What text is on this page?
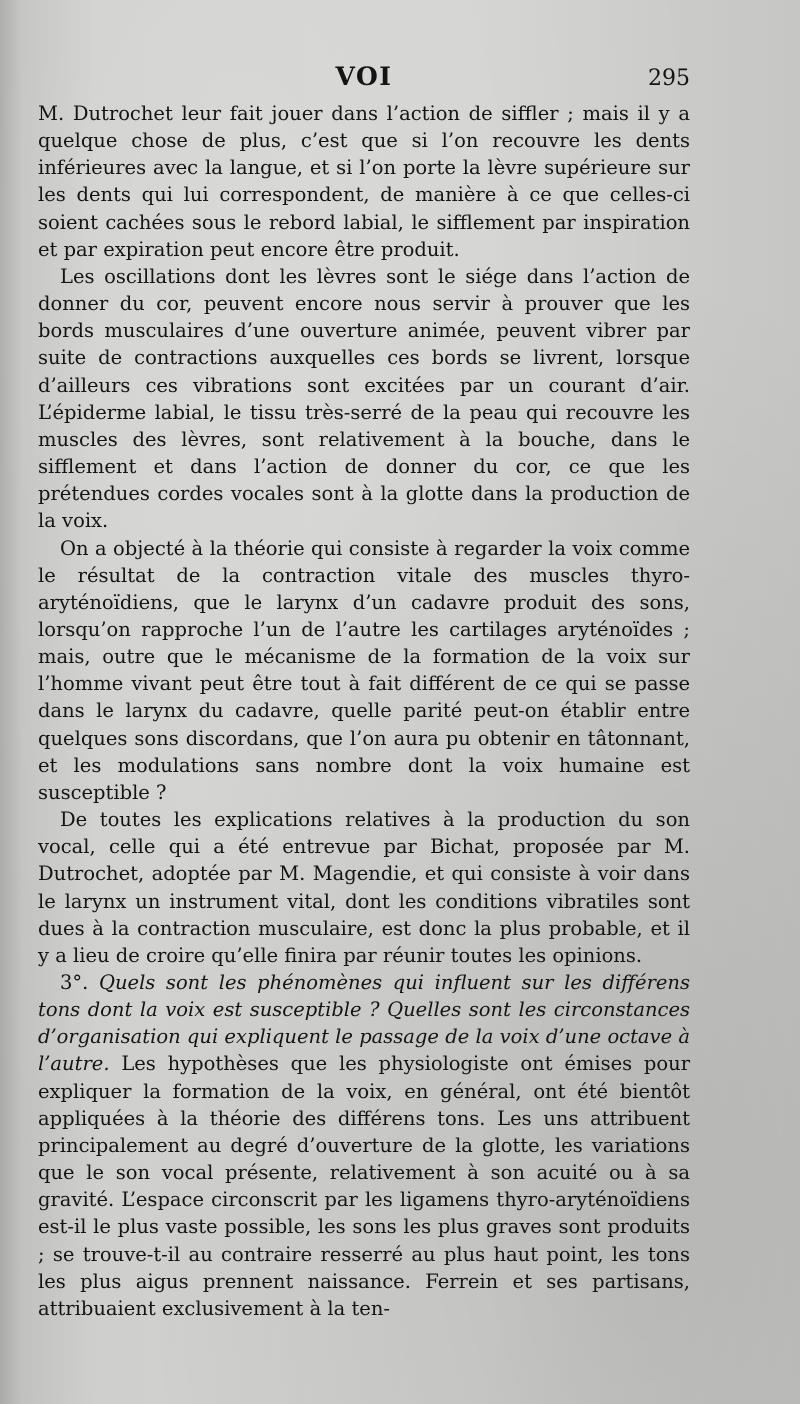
VOI	295

M. Dutrochet leur fait jouer dans l’action de siffler ; mais il y a quelque chose de plus, c’est que si l’on recouvre les dents inférieures avec la langue, et si l’on porte la lèvre supérieure sur les dents qui lui correspondent, de manière à ce que celles-ci soient cachées sous le rebord labial, le sifflement par inspiration et par expiration peut encore être produit.

Les oscillations dont les lèvres sont le siége dans l’action de donner du cor, peuvent encore nous servir à prouver que les bords musculaires d’une ouverture animée, peuvent vibrer par suite de contractions auxquelles ces bords se livrent, lorsque d’ailleurs ces vibrations sont excitées par un courant d’air. L’épiderme labial, le tissu très-serré de la peau qui recouvre les muscles des lèvres, sont relativement à la bouche, dans le sifflement et dans l’action de donner du cor, ce que les prétendues cordes vocales sont à la glotte dans la production de la voix.

On a objecté à la théorie qui consiste à regarder la voix comme le résultat de la contraction vitale des muscles thyro-aryténoïdiens, que le larynx d’un cadavre produit des sons, lorsqu’on rapproche l’un de l’autre les cartilages aryténoïdes ; mais, outre que le mécanisme de la formation de la voix sur l’homme vivant peut être tout à fait différent de ce qui se passe dans le larynx du cadavre, quelle parité peut-on établir entre quelques sons discordans, que l’on aura pu obtenir en tâtonnant, et les modulations sans nombre dont la voix humaine est susceptible ?

De toutes les explications relatives à la production du son vocal, celle qui a été entrevue par Bichat, proposée par M. Dutrochet, adoptée par M. Magendie, et qui consiste à voir dans le larynx un instrument vital, dont les conditions vibratiles sont dues à la contraction musculaire, est donc la plus probable, et il y a lieu de croire qu’elle finira par réunir toutes les opinions.

3°. Quels sont les phénomènes qui influent sur les différens tons dont la voix est susceptible ? Quelles sont les circonstances d’organisation qui expliquent le passage de la voix d’une octave à l’autre. Les hypothèses que les physiologiste ont émises pour expliquer la formation de la voix, en général, ont été bientôt appliquées à la théorie des différens tons. Les uns attribuent principalement au degré d’ouverture de la glotte, les variations que le son vocal présente, relativement à son acuité ou à sa gravité. L’espace circonscrit par les ligamens thyro-aryténoïdiens est-il le plus vaste possible, les sons les plus graves sont produits ; se trouve-t-il au contraire resserré au plus haut point, les tons les plus aigus prennent naissance. Ferrein et ses partisans, attribuaient exclusivement à la ten-
